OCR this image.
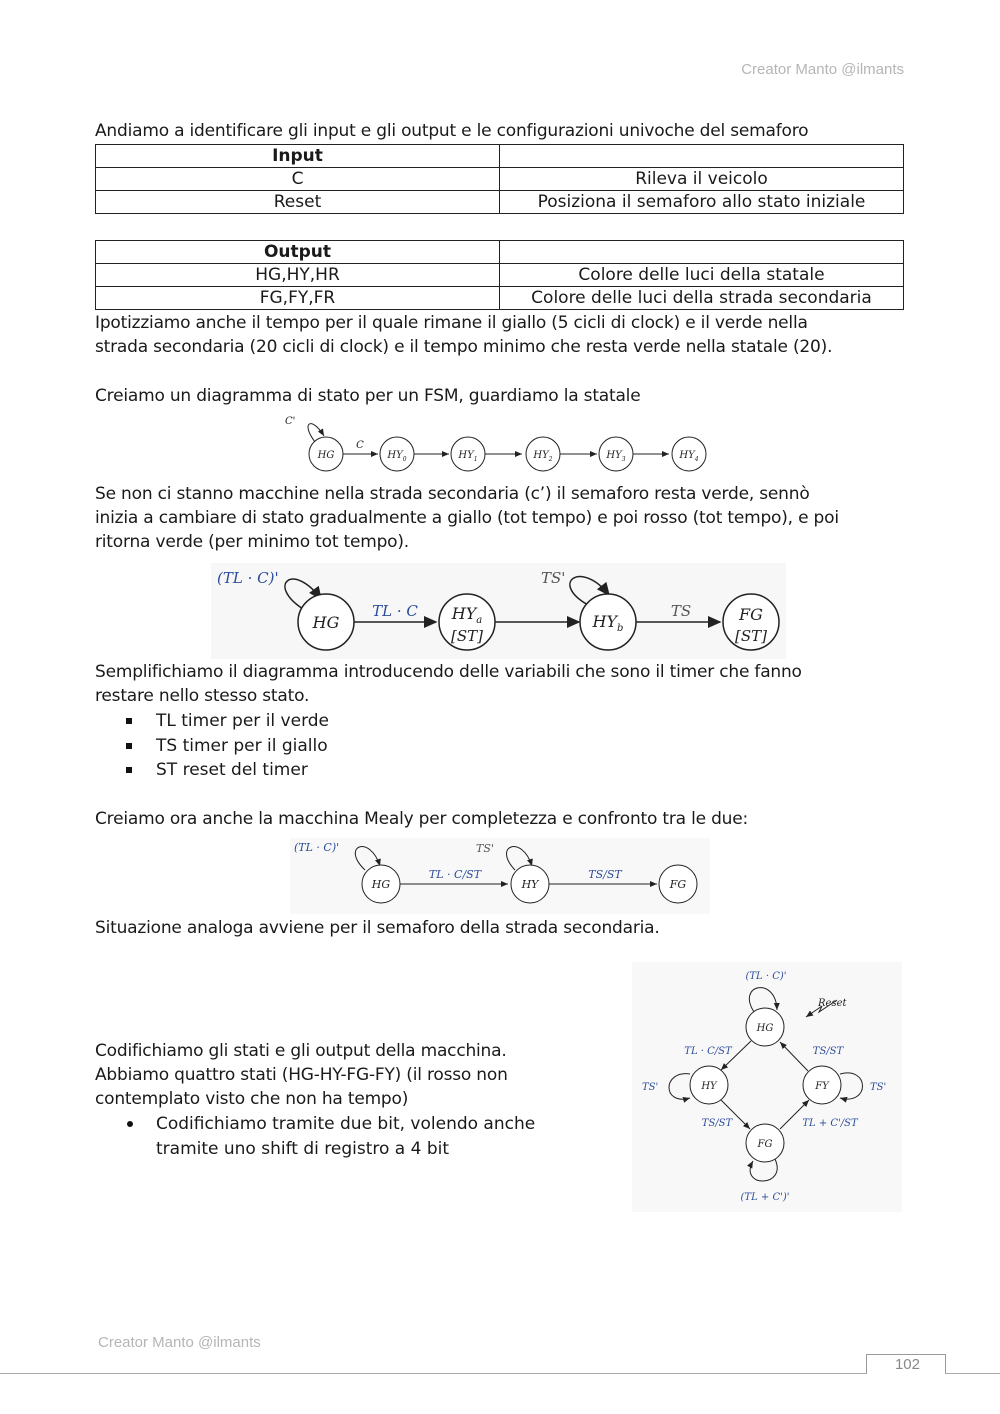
Creator Manto @ilmants
Andiamo a identificare gli input e gli output e le configurazioni univoche del semaforo
Input	
C	Rileva il veicolo
Reset	Posiziona il semaforo allo stato iniziale
Output	
HG,HY,HR	Colore delle luci della statale
FG,FY,FR	Colore delle luci della strada secondaria
Ipotizziamo anche il tempo per il quale rimane il giallo (5 cicli di clock) e il verde nella
strada secondaria (20 cicli di clock) e il tempo minimo che resta verde nella statale (20).
Creiamo un diagramma di stato per un FSM, guardiamo la statale
C'
HG
C
$HY_0$	$HY_1$	$HY_2$	$HY_3$	$HY_4$
Se non ci stanno macchine nella strada secondaria (c’) il semaforo resta verde, sennò
inizia a cambiare di stato gradualmente a giallo (tot tempo) e poi rosso (tot tempo), e poi
ritorna verde (per minimo tot tempo).
(TL · C)'
HG
TL · C $HY_a$
[ST]
TS'
$HY_b$
TS	FG
[ST]
Semplifichiamo il diagramma introducendo delle variabili che sono il timer che fanno
restare nello stesso stato.
TL timer per il verde
TS timer per il giallo
ST reset del timer
Creiamo ora anche la macchina Mealy per completezza e confronto tra le due:
(TL · C)'
HG
TL · C/ST
TS'
HY
TS/ST
FG
Situazione analoga avviene per il semaforo della strada secondaria.
Codifichiamo gli stati e gli output della macchina.
Abbiamo quattro stati (HG-HY-FG-FY) (il rosso non
contemplato visto che non ha tempo)
Codifichiamo tramite due bit, volendo anche tramite uno shift di registro a 4 bit
(TL · C)'
Reset
HG
TL · C/ST	TS/ST
TS'	HY	TS'
FY
TS/ST	TL + C'/ST
FG
(TL + C')'
Creator Manto @ilmants
102
